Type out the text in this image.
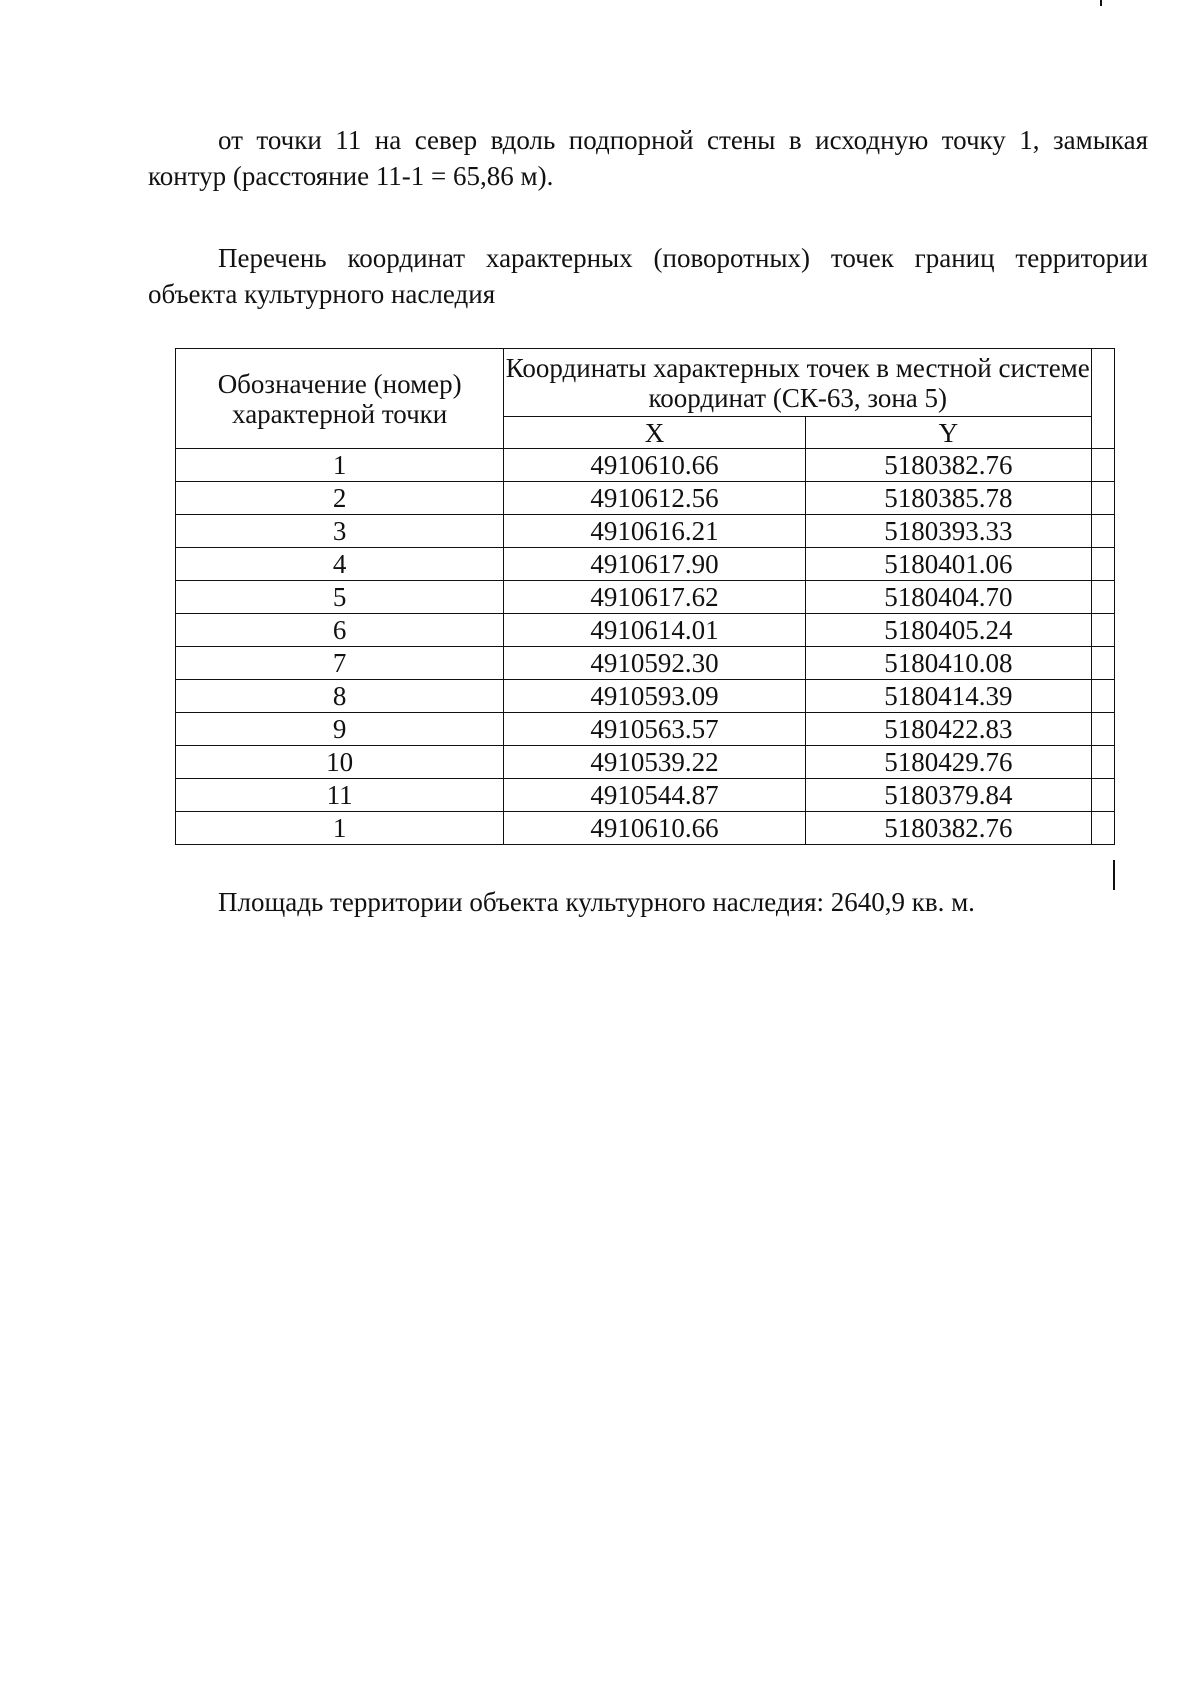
от точки 11 на север вдоль подпорной стены в исходную точку 1, замыкая
контур (расстояние 11-1 = 65,86 м).

Перечень координат характерных (поворотных) точек границ территории
объекта культурного наследия

Обозначение (номер) характерной точки	Координаты характерных точек в местной системе координат (СК-63, зона 5)		
	X	Y	
1	4910610.66	5180382.76	
2	4910612.56	5180385.78	
3	4910616.21	5180393.33	
4	4910617.90	5180401.06	
5	4910617.62	5180404.70	
6	4910614.01	5180405.24	
7	4910592.30	5180410.08	
8	4910593.09	5180414.39	
9	4910563.57	5180422.83	
10	4910539.22	5180429.76	
11	4910544.87	5180379.84	
1	4910610.66	5180382.76	

Площадь территории объекта культурного наследия: 2640,9 кв. м.
